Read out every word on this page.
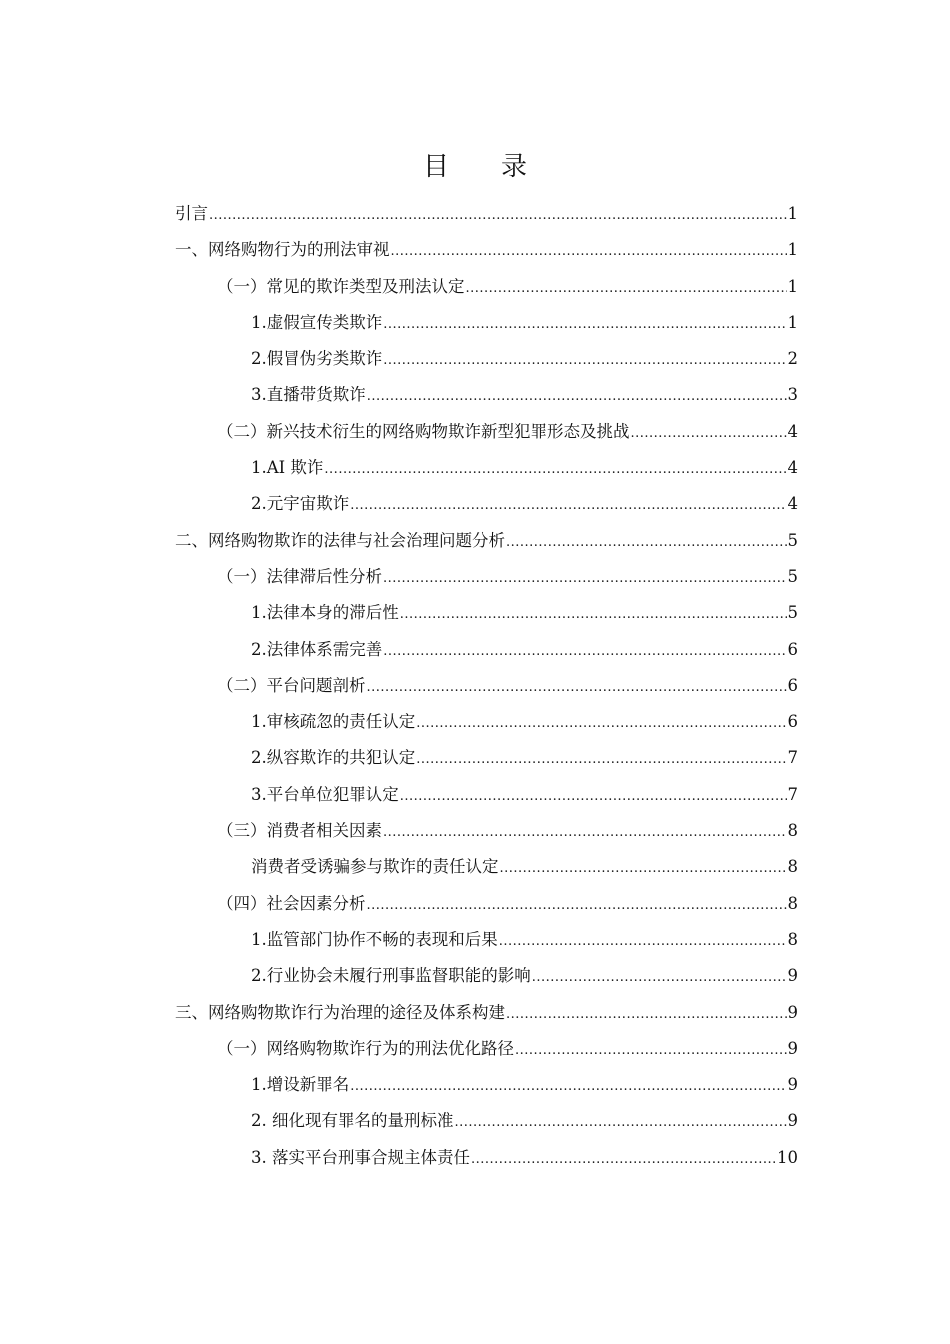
目 录
引言 .....	1
一、网络购物行为的刑法审视 .....	1
（一）常见的欺诈类型及刑法认定 .....	1
1.虚假宣传类欺诈 .....	1
2.假冒伪劣类欺诈 .....	2
3.直播带货欺诈 .....	3
（二）新兴技术衍生的网络购物欺诈新型犯罪形态及挑战 .....	4
1.AI 欺诈 .....	4
2.元宇宙欺诈 .....	4
二、网络购物欺诈的法律与社会治理问题分析 .....	5
（一）法律滞后性分析 .....	5
1.法律本身的滞后性 .....	5
2.法律体系需完善 .....	6
（二）平台问题剖析 .....	6
1.审核疏忽的责任认定 .....	6
2.纵容欺诈的共犯认定 .....	7
3.平台单位犯罪认定 .....	7
（三）消费者相关因素 .....	8
消费者受诱骗参与欺诈的责任认定 .....	8
（四）社会因素分析 .....	8
1.监管部门协作不畅的表现和后果 .....	8
2.行业协会未履行刑事监督职能的影响 .....	9
三、网络购物欺诈行为治理的途径及体系构建 .....	9
（一）网络购物欺诈行为的刑法优化路径 .....	9
1.增设新罪名 .....	9
2. 细化现有罪名的量刑标准 .....	9
3. 落实平台刑事合规主体责任 .....	10
